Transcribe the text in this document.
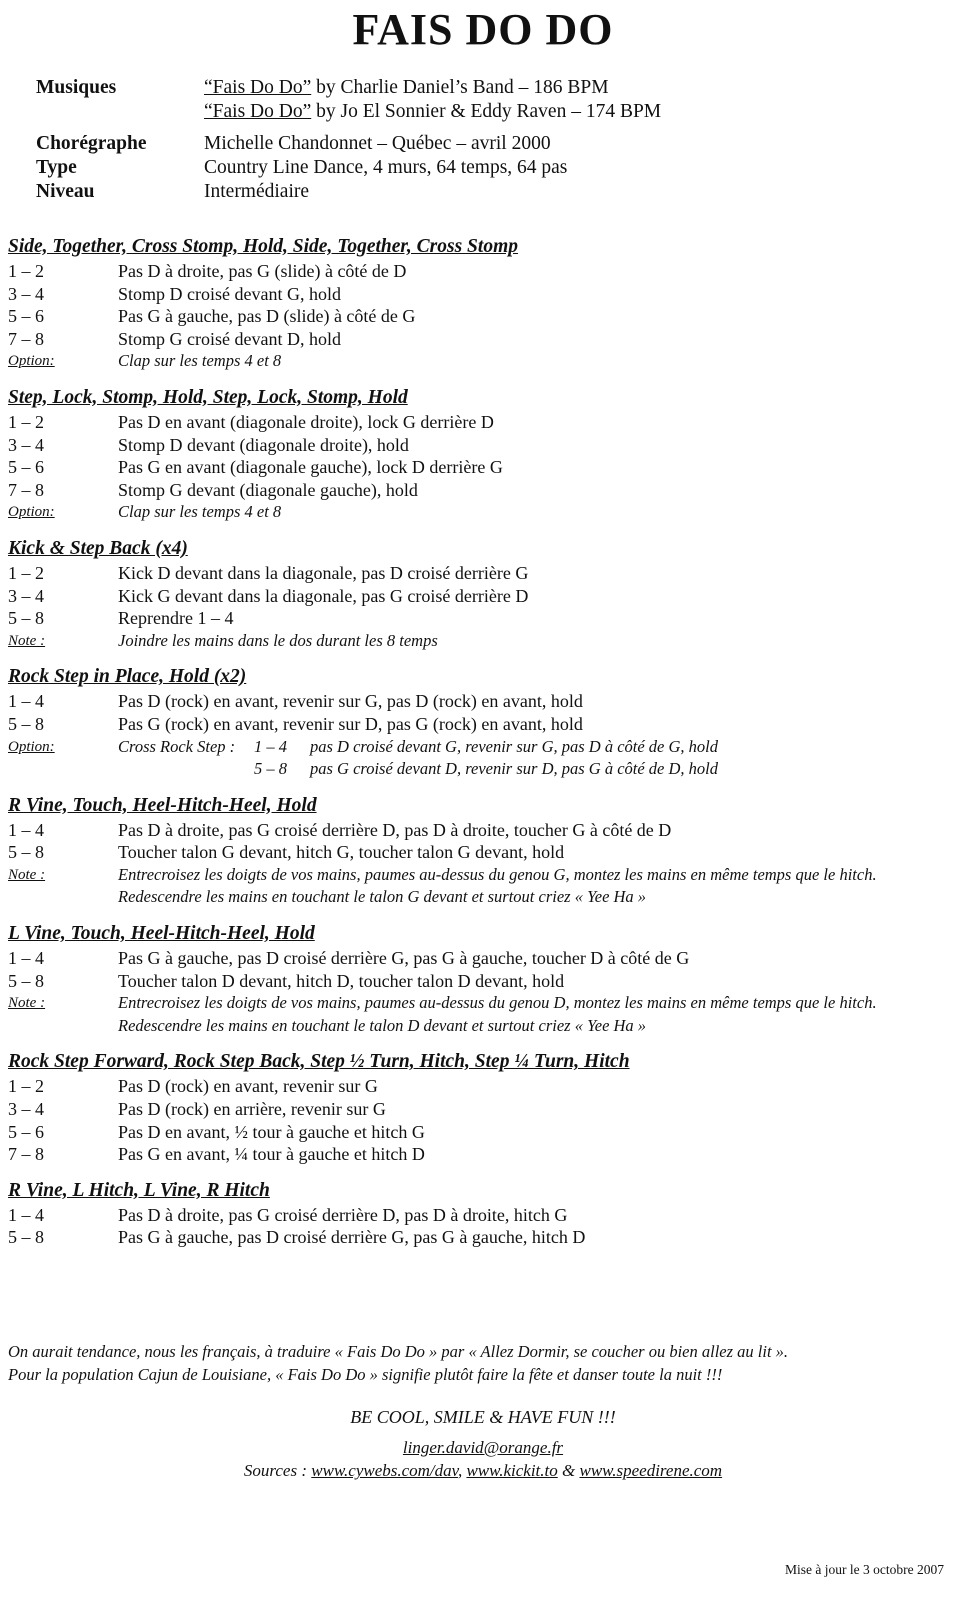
FAIS DO DO
Musiques	“Fais Do Do” by Charlie Daniel’s Band – 186 BPM
“Fais Do Do” by Jo El Sonnier & Eddy Raven – 174 BPM
Chorégraphe	Michelle Chandonnet – Québec – avril 2000
Type	Country Line Dance, 4 murs, 64 temps, 64 pas
Niveau	Intermédiaire
Side, Together, Cross Stomp, Hold, Side, Together, Cross Stomp
1 – 2	Pas D à droite, pas G (slide) à côté de D
3 – 4	Stomp D croisé devant G, hold
5 – 6	Pas G à gauche, pas D (slide) à côté de G
7 – 8	Stomp G croisé devant D, hold
Option:	Clap sur les temps 4 et 8
Step, Lock, Stomp, Hold, Step, Lock, Stomp, Hold
1 – 2	Pas D en avant (diagonale droite), lock G derrière D
3 – 4	Stomp D devant (diagonale droite), hold
5 – 6	Pas G en avant (diagonale gauche), lock D derrière G
7 – 8	Stomp G devant (diagonale gauche), hold
Option:	Clap sur les temps 4 et 8
Kick & Step Back (x4)
1 – 2	Kick D devant dans la diagonale, pas D croisé derrière G
3 – 4	Kick G devant dans la diagonale, pas G croisé derrière D
5 – 8	Reprendre 1 – 4
Note :	Joindre les mains dans le dos durant les 8 temps
Rock Step in Place, Hold (x2)
1 – 4	Pas D (rock) en avant, revenir sur G, pas D (rock) en avant, hold
5 – 8	Pas G (rock) en avant, revenir sur D, pas G (rock) en avant, hold
Option:	Cross Rock Step :	1 – 4	pas D croisé devant G, revenir sur G, pas D à côté de G, hold
5 – 8	pas G croisé devant D, revenir sur D, pas G à côté de D, hold
R Vine, Touch, Heel-Hitch-Heel, Hold
1 – 4	Pas D à droite, pas G croisé derrière D, pas D à droite, toucher G à côté de D
5 – 8	Toucher talon G devant, hitch G, toucher talon G devant, hold
Note :	Entrecroisez les doigts de vos mains, paumes au-dessus du genou G, montez les mains en même temps que le hitch. Redescendre les mains en touchant le talon G devant et surtout criez « Yee Ha »
L Vine, Touch, Heel-Hitch-Heel, Hold
1 – 4	Pas G à gauche, pas D croisé derrière G, pas G à gauche, toucher D à côté de G
5 – 8	Toucher talon D devant, hitch D, toucher talon D devant, hold
Note :	Entrecroisez les doigts de vos mains, paumes au-dessus du genou D, montez les mains en même temps que le hitch. Redescendre les mains en touchant le talon D devant et surtout criez « Yee Ha »
Rock Step Forward, Rock Step Back, Step ½ Turn, Hitch, Step ¼ Turn, Hitch
1 – 2	Pas D (rock) en avant, revenir sur G
3 – 4	Pas D (rock) en arrière, revenir sur G
5 – 6	Pas D en avant, ½ tour à gauche et hitch G
7 – 8	Pas G en avant, ¼ tour à gauche et hitch D
R Vine, L Hitch, L Vine, R Hitch
1 – 4	Pas D à droite, pas G croisé derrière D, pas D à droite, hitch G
5 – 8	Pas G à gauche, pas D croisé derrière G, pas G à gauche, hitch D
On aurait tendance, nous les français, à traduire « Fais Do Do » par « Allez Dormir, se coucher ou bien allez au lit ».
Pour la population Cajun de Louisiane, « Fais Do Do » signifie plutôt faire la fête et danser toute la nuit !!!
BE COOL, SMILE & HAVE FUN !!!
linger.david@orange.fr
Sources : www.cywebs.com/dav, www.kickit.to & www.speedirene.com
Mise à jour le 3 octobre 2007
